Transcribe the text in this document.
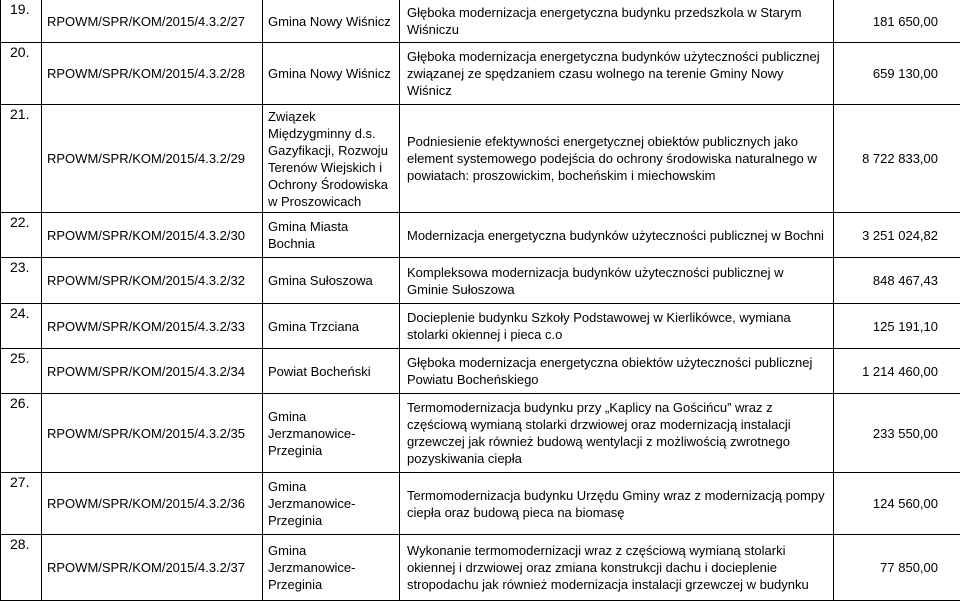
19.	RPOWM/SPR/KOM/2015/4.3.2/27	Gmina Nowy Wiśnicz	Głęboka modernizacja energetyczna budynku przedszkola w Starym Wiśniczu	181 650,00
20.	RPOWM/SPR/KOM/2015/4.3.2/28	Gmina Nowy Wiśnicz	Głęboka modernizacja energetyczna budynków użyteczności publicznej związanej ze spędzaniem czasu wolnego na terenie Gminy Nowy Wiśnicz	659 130,00
21.	RPOWM/SPR/KOM/2015/4.3.2/29	Związek Międzygminny d.s. Gazyfikacji, Rozwoju Terenów Wiejskich i Ochrony Środowiska w Proszowicach	Podniesienie efektywności energetycznej obiektów publicznych jako element systemowego podejścia do ochrony środowiska naturalnego w powiatach: proszowickim, bocheńskim i miechowskim	8 722 833,00
22.	RPOWM/SPR/KOM/2015/4.3.2/30	Gmina Miasta Bochnia	Modernizacja energetyczna budynków użyteczności publicznej w Bochni	3 251 024,82
23.	RPOWM/SPR/KOM/2015/4.3.2/32	Gmina Sułoszowa	Kompleksowa modernizacja budynków użyteczności publicznej w Gminie Sułoszowa	848 467,43
24.	RPOWM/SPR/KOM/2015/4.3.2/33	Gmina Trzciana	Docieplenie budynku Szkoły Podstawowej w Kierlikówce, wymiana stolarki okiennej i pieca c.o	125 191,10
25.	RPOWM/SPR/KOM/2015/4.3.2/34	Powiat Bocheński	Głęboka modernizacja energetyczna obiektów użyteczności publicznej Powiatu Bocheńskiego	1 214 460,00
26.	RPOWM/SPR/KOM/2015/4.3.2/35	Gmina Jerzmanowice-Przeginia	Termomodernizacja budynku przy „Kaplicy na Gościńcu” wraz z częściową wymianą stolarki drzwiowej oraz modernizacją instalacji grzewczej jak również budową wentylacji z możliwością zwrotnego pozyskiwania ciepła	233 550,00
27.	RPOWM/SPR/KOM/2015/4.3.2/36	Gmina Jerzmanowice-Przeginia	Termomodernizacja budynku Urzędu Gminy wraz z modernizacją pompy ciepła oraz budową pieca na biomasę	124 560,00
28.	RPOWM/SPR/KOM/2015/4.3.2/37	Gmina Jerzmanowice-Przeginia	Wykonanie termomodernizacji wraz z częściową wymianą stolarki okiennej i drzwiowej oraz zmiana konstrukcji dachu i docieplenie stropodachu jak również modernizacja instalacji grzewczej w budynku	77 850,00
